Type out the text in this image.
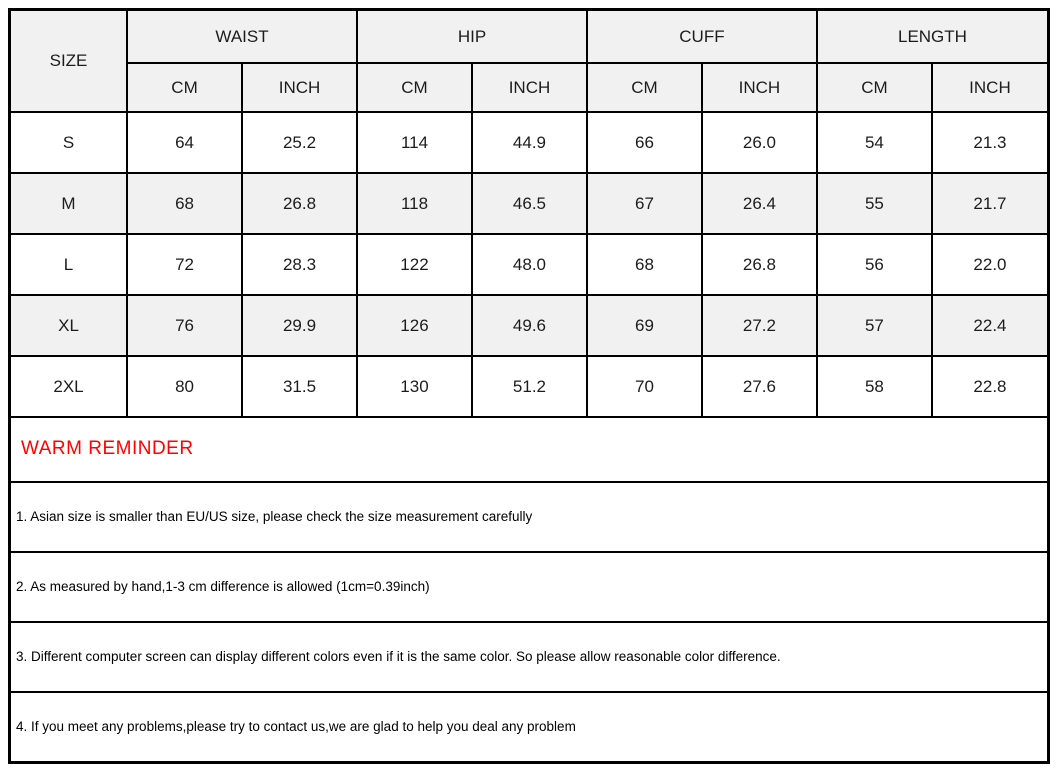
SIZE	WAIST		HIP		CUFF		LENGTH	
	CM	INCH	CM	INCH	CM	INCH	CM	INCH
S	64	25.2	114	44.9	66	26.0	54	21.3
M	68	26.8	118	46.5	67	26.4	55	21.7
L	72	28.3	122	48.0	68	26.8	56	22.0
XL	76	29.9	126	49.6	69	27.2	57	22.4
2XL	80	31.5	130	51.2	70	27.6	58	22.8
WARM REMINDER
1. Asian size is smaller than EU/US size, please check the size measurement carefully
2. As measured by hand,1-3 cm difference is allowed (1cm=0.39inch)
3. Different computer screen can display different colors even if it is the same color. So please allow reasonable color difference.
4. If you meet any problems,please try to contact us,we are glad to help you deal any problem
